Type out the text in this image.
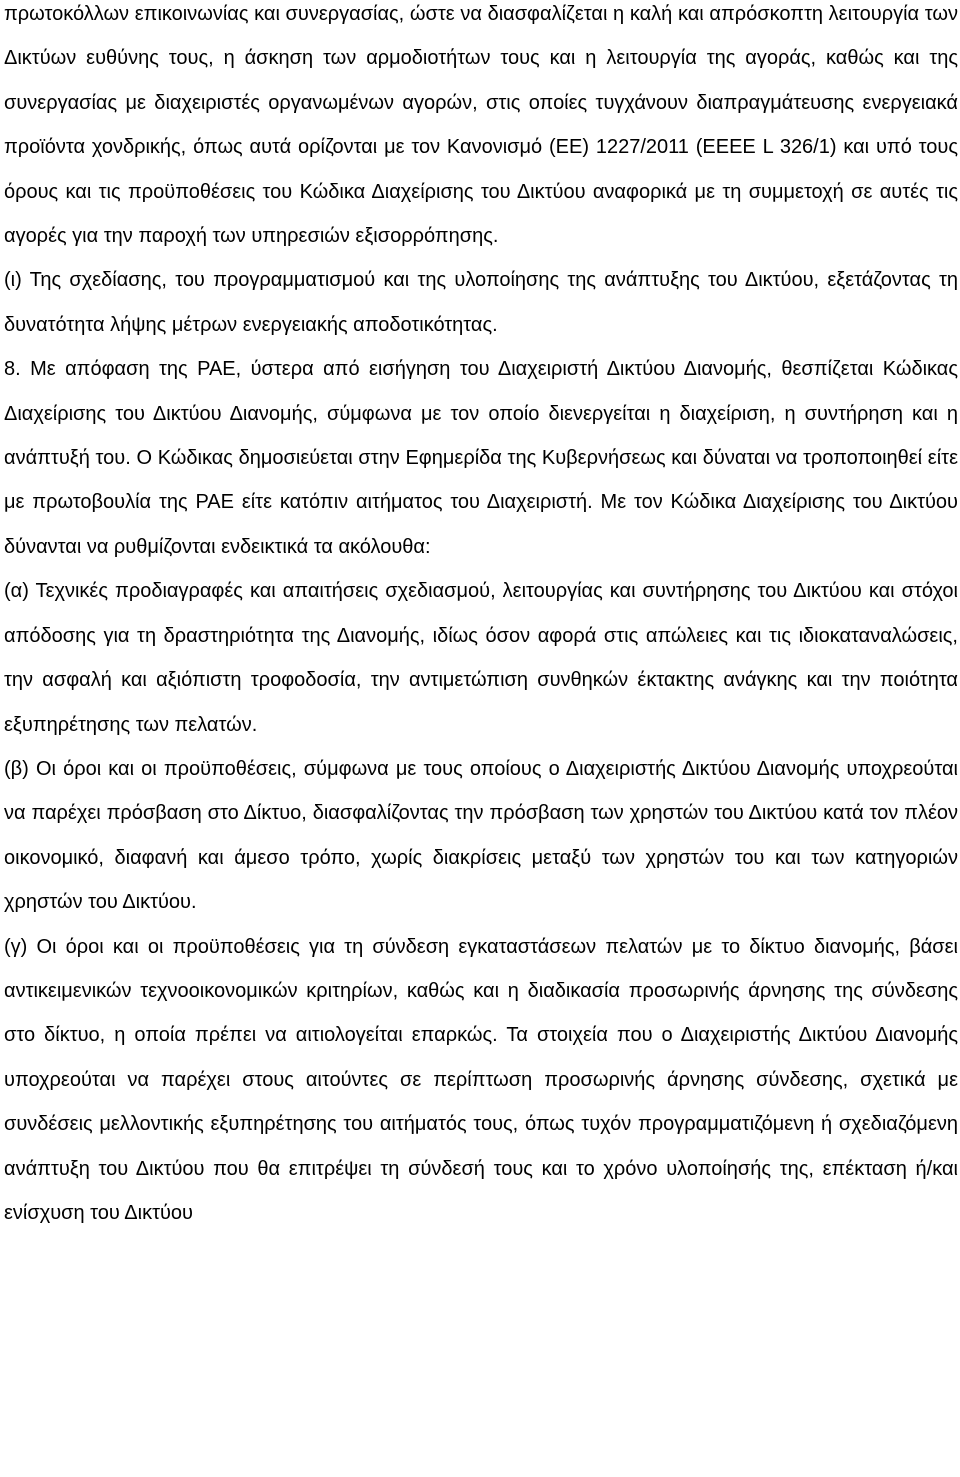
πρωτοκόλλων επικοινωνίας και συνεργασίας, ώστε να διασφαλίζεται η καλή και απρόσκοπτη λειτουργία των Δικτύων ευθύνης τους, η άσκηση των αρμοδιοτήτων τους και η λειτουργία της αγοράς, καθώς και της συνεργασίας με διαχειριστές οργανωμένων αγορών, στις οποίες τυγχάνουν διαπραγμάτευσης ενεργειακά προϊόντα χονδρικής, όπως αυτά ορίζονται με τον Κανονισμό (ΕΕ) 1227/2011 (ΕΕΕΕ L 326/1) και υπό τους όρους και τις προϋποθέσεις του Κώδικα Διαχείρισης του Δικτύου αναφορικά με τη συμμετοχή σε αυτές τις αγορές για την παροχή των υπηρεσιών εξισορρόπησης.

(ι) Της σχεδίασης, του προγραμματισμού και της υλοποίησης της ανάπτυξης του Δικτύου, εξετάζοντας τη δυνατότητα λήψης μέτρων ενεργειακής αποδοτικότητας.

8. Με απόφαση της ΡΑΕ, ύστερα από εισήγηση του Διαχειριστή Δικτύου Διανομής, θεσπίζεται Κώδικας Διαχείρισης του Δικτύου Διανομής, σύμφωνα με τον οποίο διενεργείται η διαχείριση, η συντήρηση και η ανάπτυξή του. Ο Κώδικας δημοσιεύεται στην Εφημερίδα της Κυβερνήσεως και δύναται να τροποποιηθεί είτε με πρωτοβουλία της ΡΑΕ είτε κατόπιν αιτήματος του Διαχειριστή. Με τον Κώδικα Διαχείρισης του Δικτύου δύνανται να ρυθμίζονται ενδεικτικά τα ακόλουθα:

(α) Τεχνικές προδιαγραφές και απαιτήσεις σχεδιασμού, λειτουργίας και συντήρησης του Δικτύου και στόχοι απόδοσης για τη δραστηριότητα της Διανομής, ιδίως όσον αφορά στις απώλειες και τις ιδιοκαταναλώσεις, την ασφαλή και αξιόπιστη τροφοδοσία, την αντιμετώπιση συνθηκών έκτακτης ανάγκης και την ποιότητα εξυπηρέτησης των πελατών.

(β) Οι όροι και οι προϋποθέσεις, σύμφωνα με τους οποίους ο Διαχειριστής Δικτύου Διανομής υποχρεούται να παρέχει πρόσβαση στο Δίκτυο, διασφαλίζοντας την πρόσβαση των χρηστών του Δικτύου κατά τον πλέον οικονομικό, διαφανή και άμεσο τρόπο, χωρίς διακρίσεις μεταξύ των χρηστών του και των κατηγοριών χρηστών του Δικτύου.

(γ) Οι όροι και οι προϋποθέσεις για τη σύνδεση εγκαταστάσεων πελατών με το δίκτυο διανομής, βάσει αντικειμενικών τεχνοοικονομικών κριτηρίων, καθώς και η διαδικασία προσωρινής άρνησης της σύνδεσης στο δίκτυο, η οποία πρέπει να αιτιολογείται επαρκώς. Τα στοιχεία που ο Διαχειριστής Δικτύου Διανομής υποχρεούται να παρέχει στους αιτούντες σε περίπτωση προσωρινής άρνησης σύνδεσης, σχετικά με συνδέσεις μελλοντικής εξυπηρέτησης του αιτήματός τους, όπως τυχόν προγραμματιζόμενη ή σχεδιαζόμενη ανάπτυξη του Δικτύου που θα επιτρέψει τη σύνδεσή τους και το χρόνο υλοποίησής της, επέκταση ή/και ενίσχυση του Δικτύου
